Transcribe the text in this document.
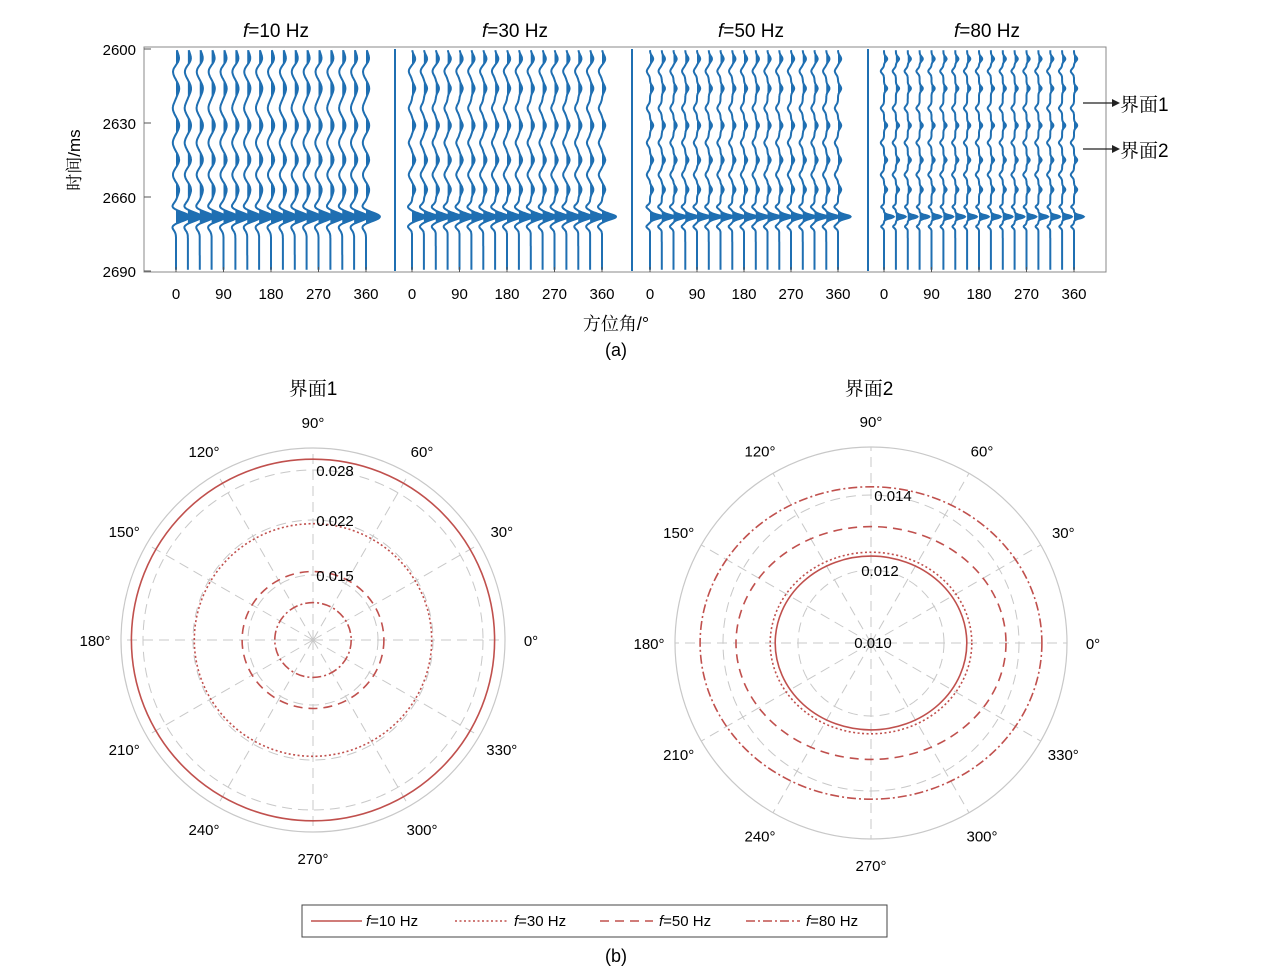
f=10 Hz	f=30 Hz	f=50 Hz	f=80 Hz
2600
2630
2660
2690
时间/ms
0 90 180 270 360 0 90 180 270 360 0 90 180 270 360 0 90 180 270 360
方位角/°
(a)
界面1
界面2
0°
30°
60°
90°
120°
150°
180°
210°
240°
270°
300°
330°
0.015
0.022
0.028
0°
30°
60°
90°
120°
150°
180°
210°
240°
270°
300°
330°
0.010
0.012
0.014
界面1	界面2
f=10 Hz	f=30 Hz	f=50 Hz	f=80 Hz
(b)
